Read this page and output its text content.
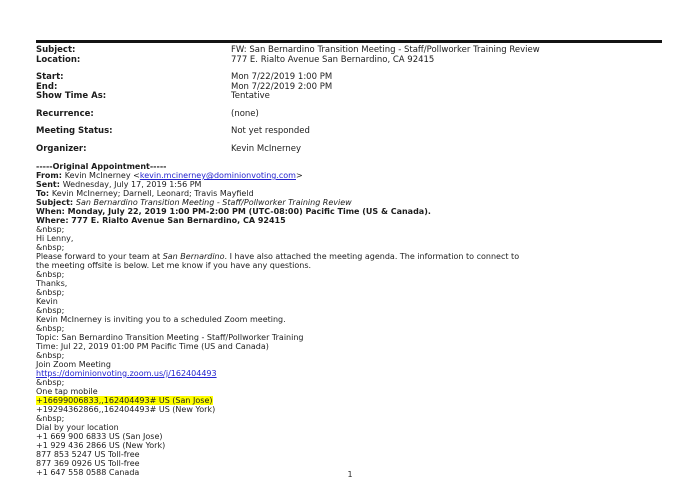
Subject:	FW: San Bernardino Transition Meeting - Staff/Pollworker Training Review
Location:	777 E. Rialto Avenue San Bernardino, CA 92415
Start:	Mon 7/22/2019 1:00 PM
End:	Mon 7/22/2019 2:00 PM
Show Time As:	Tentative
Recurrence:	(none)
Meeting Status:	Not yet responded
Organizer:	Kevin McInerney
-----Original Appointment-----
From: Kevin McInerney <kevin.mcinerney@dominionvoting.com>
Sent: Wednesday, July 17, 2019 1:56 PM
To: Kevin McInerney; Darnell, Leonard; Travis Mayfield
Subject: San Bernardino Transition Meeting - Staff/Pollworker Training Review
When: Monday, July 22, 2019 1:00 PM-2:00 PM (UTC-08:00) Pacific Time (US & Canada).
Where: 777 E. Rialto Avenue San Bernardino, CA 92415
&nbsp;
Hi Lenny,
&nbsp;
Please forward to your team at San Bernardino. I have also attached the meeting agenda. The information to connect to
the meeting offsite is below. Let me know if you have any questions.
&nbsp;
Thanks,
&nbsp;
Kevin
&nbsp;
Kevin McInerney is inviting you to a scheduled Zoom meeting.
&nbsp;
Topic: San Bernardino Transition Meeting - Staff/Pollworker Training
Time: Jul 22, 2019 01:00 PM Pacific Time (US and Canada)
&nbsp;
Join Zoom Meeting
https://dominionvoting.zoom.us/j/162404493
&nbsp;
One tap mobile
+16699006833,,162404493# US (San Jose)
+19294362866,,162404493# US (New York)
&nbsp;
Dial by your location
+1 669 900 6833 US (San Jose)
+1 929 436 2866 US (New York)
877 853 5247 US Toll-free
877 369 0926 US Toll-free
+1 647 558 0588 Canada	1
